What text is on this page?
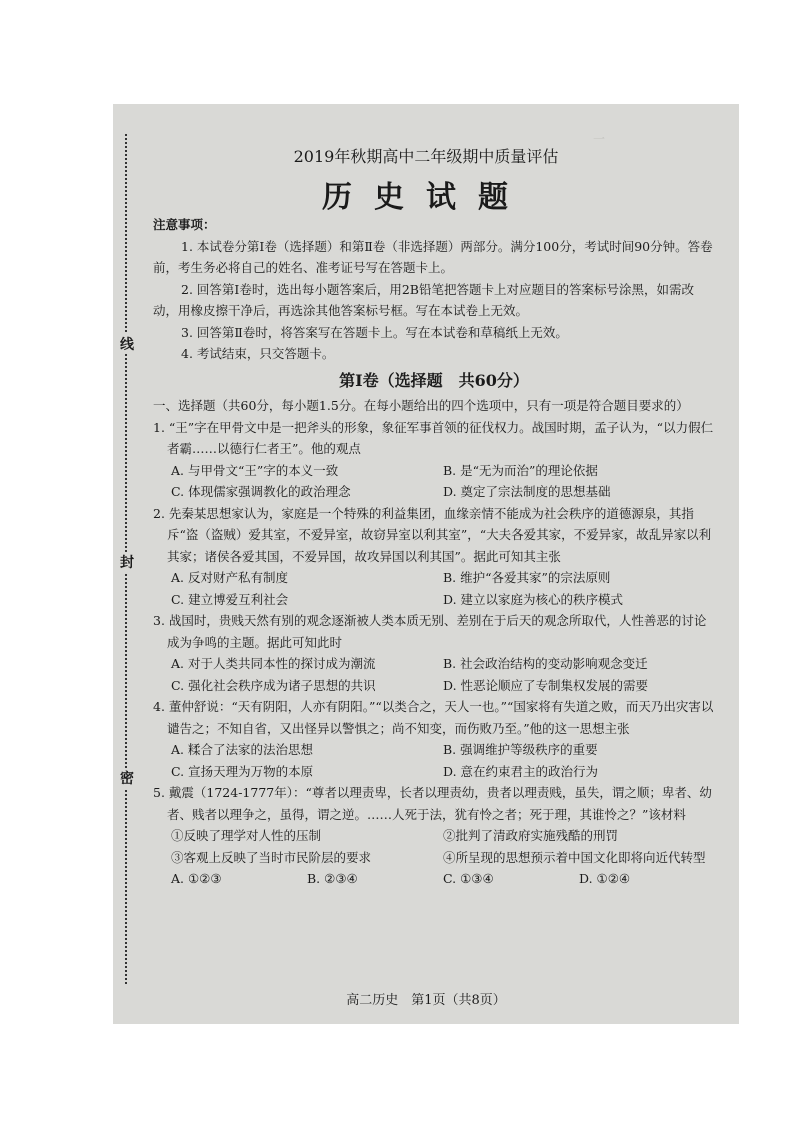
一
线
封
密
2019年秋期高中二年级期中质量评估
历史试题
注意事项：

1. 本试卷分第Ⅰ卷（选择题）和第Ⅱ卷（非选择题）两部分。满分100分，考试时间90分钟。答卷前，考生务必将自己的姓名、准考证号写在答题卡上。

2. 回答第Ⅰ卷时，选出每小题答案后，用2B铅笔把答题卡上对应题目的答案标号涂黑，如需改动，用橡皮擦干净后，再选涂其他答案标号框。写在本试卷上无效。

3. 回答第Ⅱ卷时，将答案写在答题卡上。写在本试卷和草稿纸上无效。

4. 考试结束，只交答题卡。

第Ⅰ卷（选择题　共60分）

一、选择题（共60分，每小题1.5分。在每小题给出的四个选项中，只有一项是符合题目要求的）

1. “王”字在甲骨文中是一把斧头的形象，象征军事首领的征伐权力。战国时期，孟子认为，“以力假仁者霸……以德行仁者王”。他的观点

A. 与甲骨文“王”字的本义一致	B. 是“无为而治”的理论依据
C. 体现儒家强调教化的政治理念	D. 奠定了宗法制度的思想基础

2. 先秦某思想家认为，家庭是一个特殊的利益集团，血缘亲情不能成为社会秩序的道德源泉，其指斥“盗（盗贼）爱其室，不爱异室，故窃异室以利其室”，“大夫各爱其家，不爱异家，故乱异家以利其家；诸侯各爱其国，不爱异国，故攻异国以利其国”。据此可知其主张

A. 反对财产私有制度	B. 维护“各爱其家”的宗法原则
C. 建立博爱互利社会	D. 建立以家庭为核心的秩序模式

3. 战国时，贵贱天然有别的观念逐渐被人类本质无别、差别在于后天的观念所取代，人性善恶的讨论成为争鸣的主题。据此可知此时

A. 对于人类共同本性的探讨成为潮流	B. 社会政治结构的变动影响观念变迁
C. 强化社会秩序成为诸子思想的共识	D. 性恶论顺应了专制集权发展的需要

4. 董仲舒说：“天有阴阳，人亦有阴阳。”“以类合之，天人一也。”“国家将有失道之败，而天乃出灾害以谴告之；不知自省，又出怪异以警惧之；尚不知变，而伤败乃至。”他的这一思想主张

A. 糅合了法家的法治思想	B. 强调维护等级秩序的重要
C. 宣扬天理为万物的本原	D. 意在约束君主的政治行为

5. 戴震（1724-1777年）：“尊者以理责卑，长者以理责幼，贵者以理责贱，虽失，谓之顺；卑者、幼者、贱者以理争之，虽得，谓之逆。……人死于法，犹有怜之者；死于理，其谁怜之？”该材料

①反映了理学对人性的压制	②批判了清政府实施残酷的刑罚
③客观上反映了当时市民阶层的要求	④所呈现的思想预示着中国文化即将向近代转型
A. ①②③	B. ②③④	C. ①③④	D. ①②④
高二历史　第1页（共8页）
